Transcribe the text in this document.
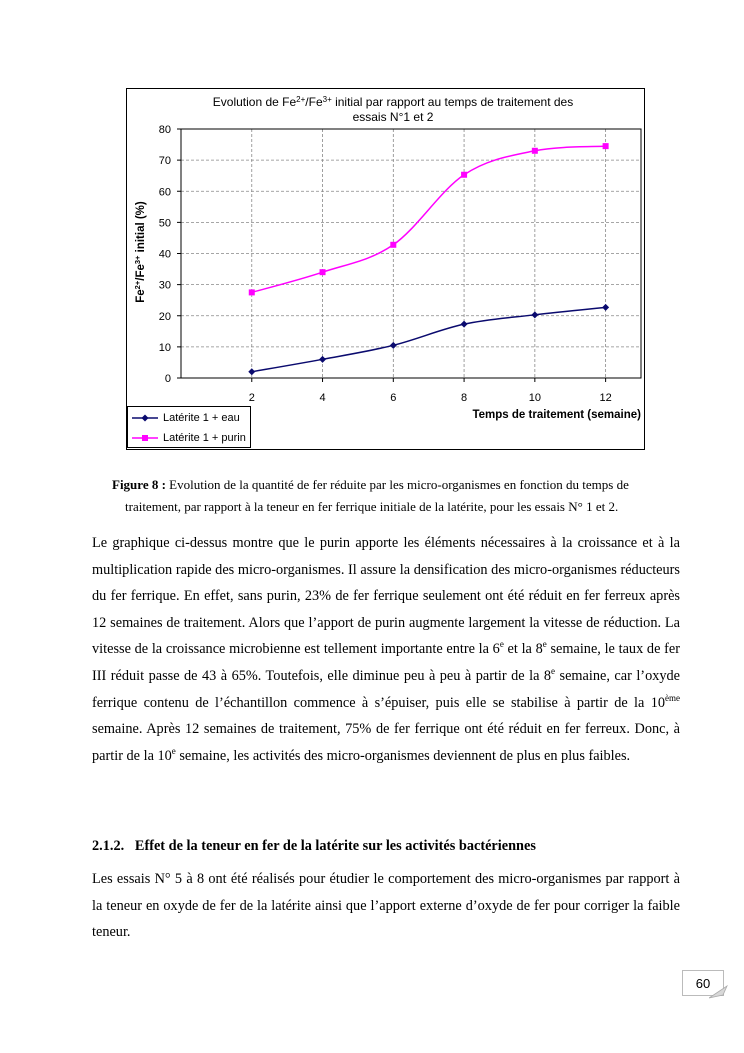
Evolution de $Fe^{2+}/Fe^{3+}$ initial par rapport au temps de traitement des
essais N°1 et 2
$Fe^{2+}/Fe^{3+}$ initial (%)
Temps de traitement (semaine)
0
10
20
30
40
50
60
70
80
2	4	6	8	10	12
Latérite 1 + eau
Latérite 1 + purin
Figure 8 : Evolution de la quantité de fer réduite par les micro-organismes en fonction du temps de
traitement, par rapport à la teneur en fer ferrique initiale de la latérite, pour les essais N° 1 et 2.

Le graphique ci-dessus montre que le purin apporte les éléments nécessaires à la croissance et à la multiplication rapide des micro-organismes. Il assure la densification des micro-organismes réducteurs du fer ferrique. En effet, sans purin, 23% de fer ferrique seulement ont été réduit en fer ferreux après 12 semaines de traitement. Alors que l’apport de purin augmente largement la vitesse de réduction. La vitesse de la croissance microbienne est tellement importante entre la 6e et la 8e semaine, le taux de fer III réduit passe de 43 à 65%. Toutefois, elle diminue peu à peu à partir de la 8e semaine, car l’oxyde ferrique contenu de l’échantillon commence à s’épuiser, puis elle se stabilise à partir de la 10ème semaine. Après 12 semaines de traitement, 75% de fer ferrique ont été réduit en fer ferreux. Donc, à partir de la 10e semaine, les activités des micro-organismes deviennent de plus en plus faibles.

2.1.2. Effet de la teneur en fer de la latérite sur les activités bactériennes

Les essais N° 5 à 8 ont été réalisés pour étudier le comportement des micro-organismes par rapport à la teneur en oxyde de fer de la latérite ainsi que l’apport externe d’oxyde de fer pour corriger la faible teneur.

60
